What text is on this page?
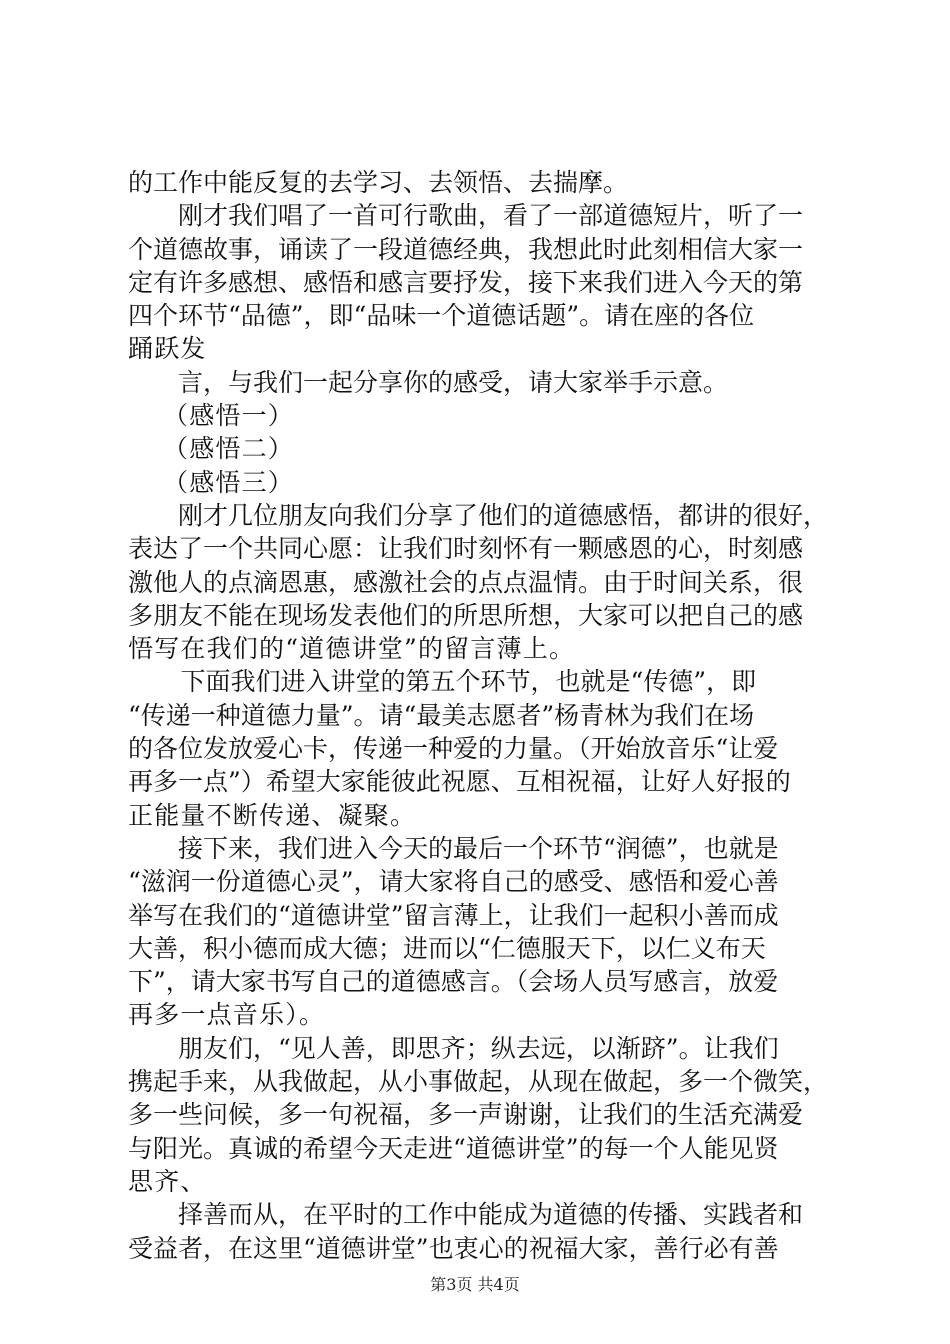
的工作中能反复的去学习、去领悟、去揣摩。
刚才我们唱了一首可行歌曲，看了一部道德短片，听了一
个道德故事，诵读了一段道德经典，我想此时此刻相信大家一
定有许多感想、感悟和感言要抒发，接下来我们进入今天的第
四个环节“品德”，即“品味一个道德话题”。请在座的各位
踊跃发
言，与我们一起分享你的感受，请大家举手示意。
（感悟一）
（感悟二）
（感悟三）
刚才几位朋友向我们分享了他们的道德感悟，都讲的很好，
表达了一个共同心愿：让我们时刻怀有一颗感恩的心，时刻感
激他人的点滴恩惠，感激社会的点点温情。由于时间关系，很
多朋友不能在现场发表他们的所思所想，大家可以把自己的感
悟写在我们的“道德讲堂”的留言薄上。
下面我们进入讲堂的第五个环节，也就是“传德”，即
“传递一种道德力量”。请“最美志愿者”杨青林为我们在场
的各位发放爱心卡，传递一种爱的力量。（开始放音乐“让爱
再多一点”）希望大家能彼此祝愿、互相祝福，让好人好报的
正能量不断传递、凝聚。
接下来，我们进入今天的最后一个环节“润德”，也就是
“滋润一份道德心灵”，请大家将自己的感受、感悟和爱心善
举写在我们的“道德讲堂”留言薄上，让我们一起积小善而成
大善，积小德而成大德；进而以“仁德服天下，以仁义布天
下”，请大家书写自己的道德感言。（会场人员写感言，放爱
再多一点音乐）。
朋友们，“见人善，即思齐；纵去远，以渐跻”。让我们
携起手来，从我做起，从小事做起，从现在做起，多一个微笑，
多一些问候，多一句祝福，多一声谢谢，让我们的生活充满爱
与阳光。真诚的希望今天走进“道德讲堂”的每一个人能见贤
思齐、
择善而从，在平时的工作中能成为道德的传播、实践者和
受益者，在这里“道德讲堂”也衷心的祝福大家，善行必有善
第3页 共4页
